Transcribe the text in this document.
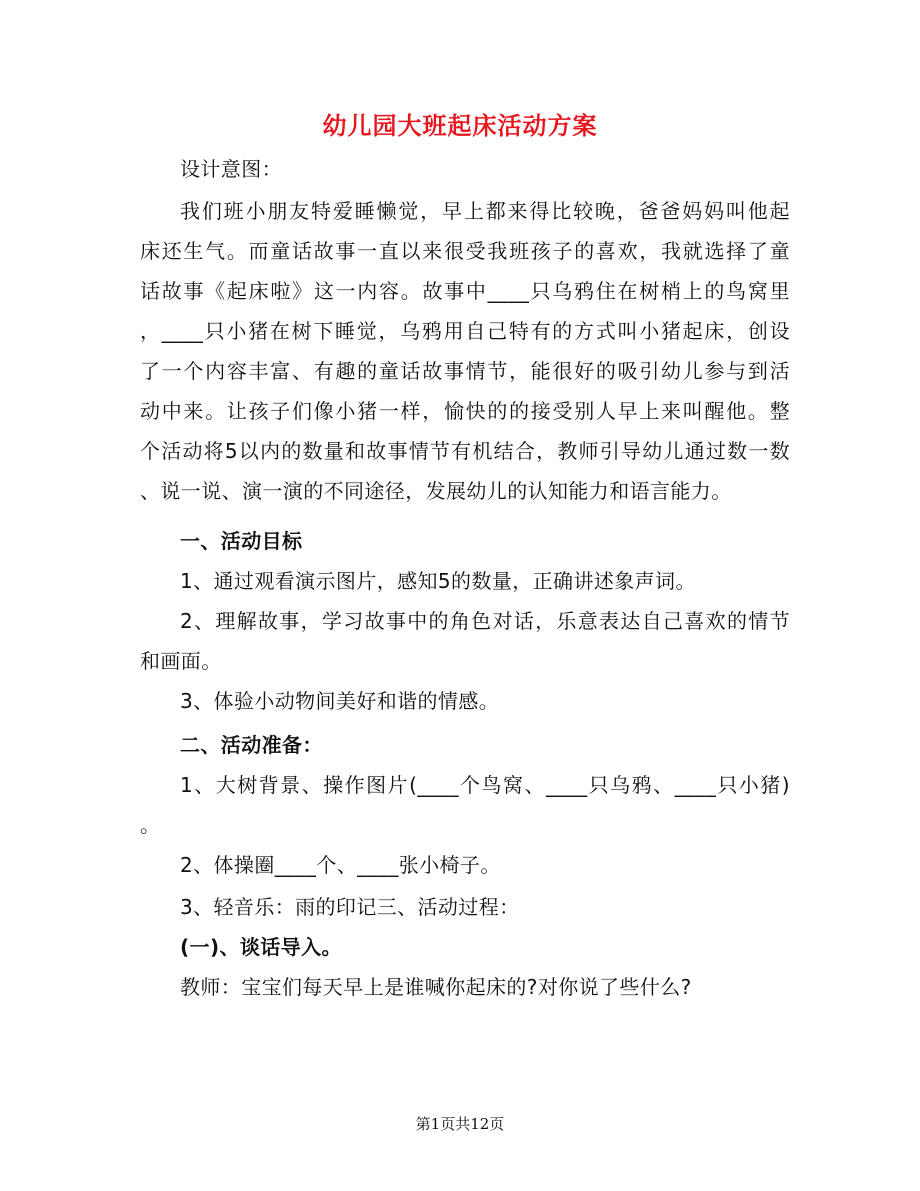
幼儿园大班起床活动方案
设计意图：
我们班小朋友特爱睡懒觉，早上都来得比较晚，爸爸妈妈叫他起
床还生气。而童话故事一直以来很受我班孩子的喜欢，我就选择了童
话故事《起床啦》这一内容。故事中____只乌鸦住在树梢上的鸟窝里
，____只小猪在树下睡觉，乌鸦用自己特有的方式叫小猪起床，创设
了一个内容丰富、有趣的童话故事情节，能很好的吸引幼儿参与到活
动中来。让孩子们像小猪一样，愉快的的接受别人早上来叫醒他。整
个活动将5以内的数量和故事情节有机结合，教师引导幼儿通过数一数
、说一说、演一演的不同途径，发展幼儿的认知能力和语言能力。
一、活动目标
1、通过观看演示图片，感知5的数量，正确讲述象声词。
2、理解故事，学习故事中的角色对话，乐意表达自己喜欢的情节
和画面。
3、体验小动物间美好和谐的情感。
二、活动准备：
1、大树背景、操作图片(____个鸟窝、____只乌鸦、____只小猪)
。
2、体操圈____个、____张小椅子。
3、轻音乐：雨的印记三、活动过程：
(一)、谈话导入。
教师：宝宝们每天早上是谁喊你起床的?对你说了些什么?
第1页共12页
